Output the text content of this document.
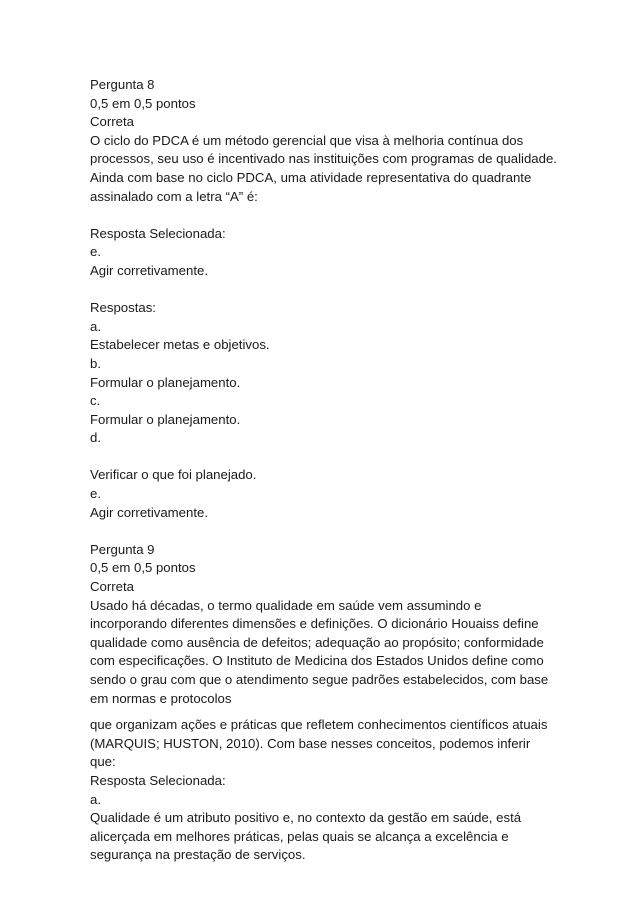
Pergunta 8
0,5 em 0,5 pontos
Correta
O ciclo do PDCA é um método gerencial que visa à melhoria contínua dos
processos, seu uso é incentivado nas instituições com programas de qualidade.
Ainda com base no ciclo PDCA, uma atividade representativa do quadrante
assinalado com a letra “A” é:
Resposta Selecionada:
e.
Agir corretivamente.
Respostas:
a.
Estabelecer metas e objetivos.
b.
Formular o planejamento.
c.
Formular o planejamento.
d.
Verificar o que foi planejado.
e.
Agir corretivamente.
Pergunta 9
0,5 em 0,5 pontos
Correta
Usado há décadas, o termo qualidade em saúde vem assumindo e
incorporando diferentes dimensões e definições. O dicionário Houaiss define
qualidade como ausência de defeitos; adequação ao propósito; conformidade
com especificações. O Instituto de Medicina dos Estados Unidos define como
sendo o grau com que o atendimento segue padrões estabelecidos, com base
em normas e protocolos
que organizam ações e práticas que refletem conhecimentos científicos atuais
(MARQUIS; HUSTON, 2010). Com base nesses conceitos, podemos inferir
que:
Resposta Selecionada:
a.
Qualidade é um atributo positivo e, no contexto da gestão em saúde, está
alicerçada em melhores práticas, pelas quais se alcança a excelência e
segurança na prestação de serviços.
